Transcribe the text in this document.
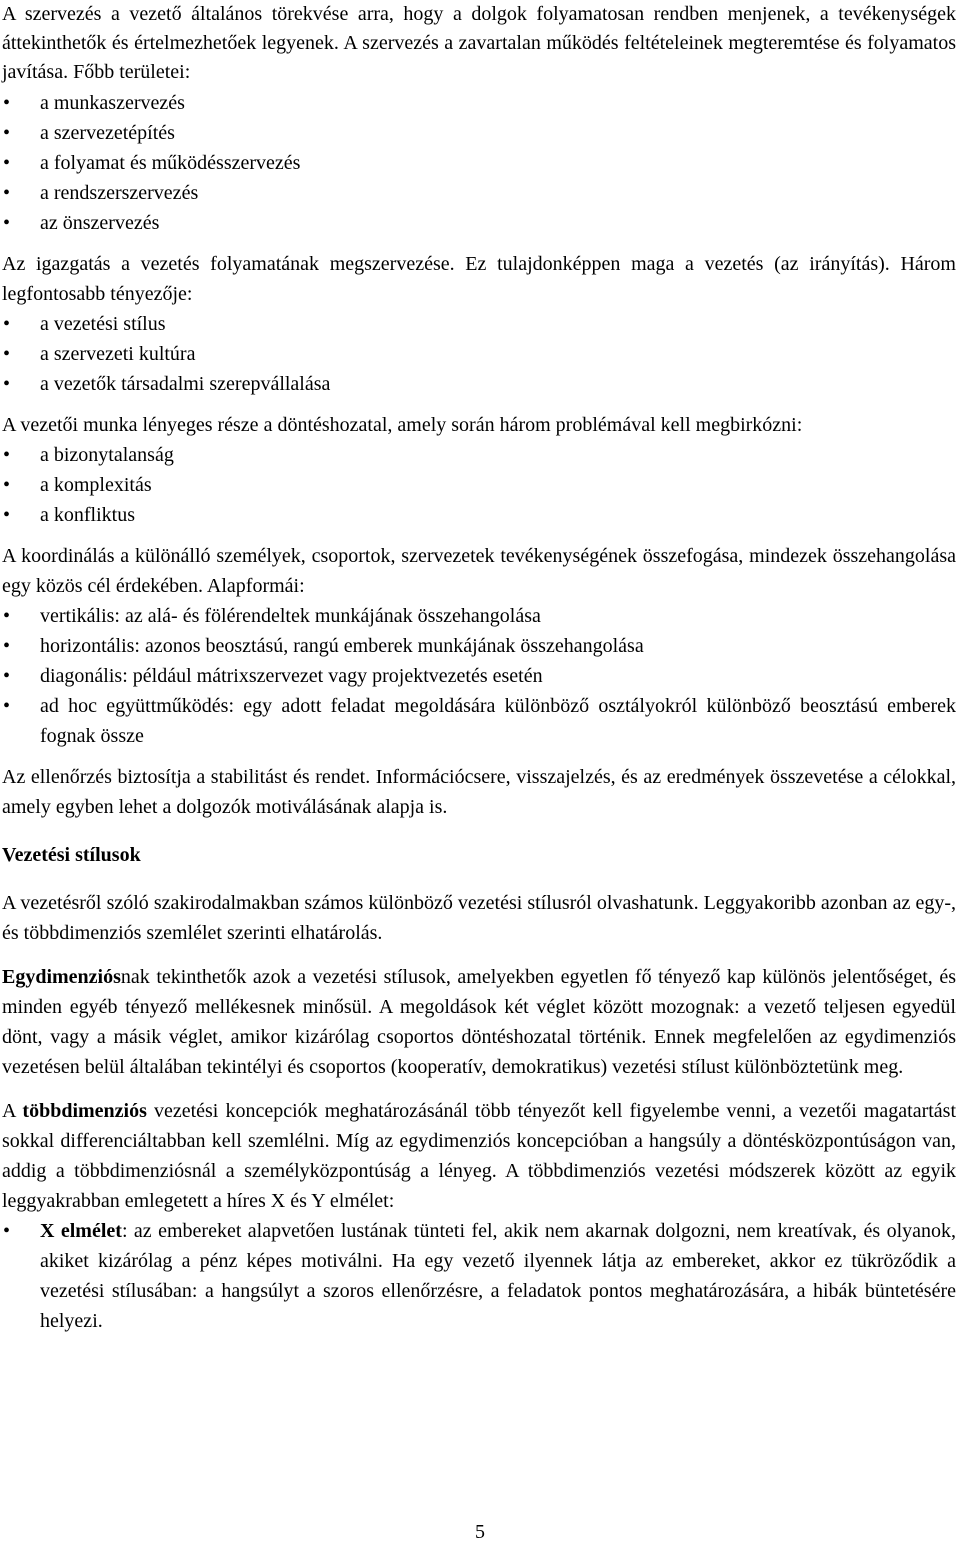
A szervezés a vezető általános törekvése arra, hogy a dolgok folyamatosan rendben menjenek, a tevékenységek áttekinthetők és értelmezhetőek legyenek. A szervezés a zavartalan működés feltételeinek megteremtése és folyamatos javítása. Főbb területei:

•	a munkaszervezés
•	a szervezetépítés
•	a folyamat és működésszervezés
•	a rendszerszervezés
•	az önszervezés

Az igazgatás a vezetés folyamatának megszervezése. Ez tulajdonképpen maga a vezetés (az irányítás). Három legfontosabb tényezője:

•	a vezetési stílus
•	a szervezeti kultúra
•	a vezetők társadalmi szerepvállalása

A vezetői munka lényeges része a döntéshozatal, amely során három problémával kell megbirkózni:

•	a bizonytalanság
•	a komplexitás
•	a konfliktus

A koordinálás a különálló személyek, csoportok, szervezetek tevékenységének összefogása, mindezek összehangolása egy közös cél érdekében. Alapformái:

•	vertikális: az alá- és fölérendeltek munkájának összehangolása
•	horizontális: azonos beosztású, rangú emberek munkájának összehangolása
•	diagonális: például mátrixszervezet vagy projektvezetés esetén
•	ad hoc együttműködés: egy adott feladat megoldására különböző osztályokról különböző beosztású emberek fognak össze

Az ellenőrzés biztosítja a stabilitást és rendet. Információcsere, visszajelzés, és az eredmények összevetése a célokkal, amely egyben lehet a dolgozók motiválásának alapja is.

Vezetési stílusok

A vezetésről szóló szakirodalmakban számos különböző vezetési stílusról olvashatunk. Leggyakoribb azonban az egy-, és többdimenziós szemlélet szerinti elhatárolás.

Egydimenziósnak tekinthetők azok a vezetési stílusok, amelyekben egyetlen fő tényező kap különös jelentőséget, és minden egyéb tényező mellékesnek minősül. A megoldások két véglet között mozognak: a vezető teljesen egyedül dönt, vagy a másik véglet, amikor kizárólag csoportos döntéshozatal történik. Ennek megfelelően az egydimenziós vezetésen belül általában tekintélyi és csoportos (kooperatív, demokratikus) vezetési stílust különböztetünk meg.

A többdimenziós vezetési koncepciók meghatározásánál több tényezőt kell figyelembe venni, a vezetői magatartást sokkal differenciáltabban kell szemlélni. Míg az egydimenziós koncepcióban a hangsúly a döntésközpontúságon van, addig a többdimenziósnál a személyközpontúság a lényeg. A többdimenziós vezetési módszerek között az egyik leggyakrabban emlegetett a híres X és Y elmélet:

•	X elmélet: az embereket alapvetően lustának tünteti fel, akik nem akarnak dolgozni, nem kreatívak, és olyanok, akiket kizárólag a pénz képes motiválni. Ha egy vezető ilyennek látja az embereket, akkor ez tükröződik a vezetési stílusában: a hangsúlyt a szoros ellenőrzésre, a feladatok pontos meghatározására, a hibák büntetésére helyezi.
5
